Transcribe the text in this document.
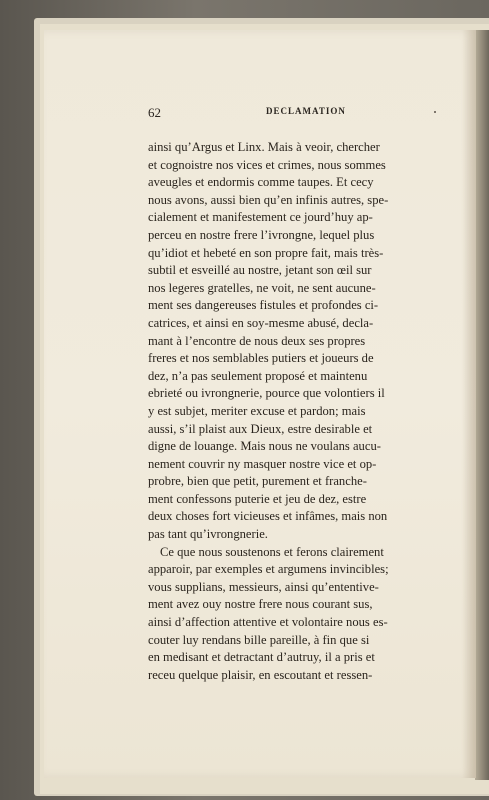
62	DECLAMATION
ainsi qu’Argus et Linx. Mais à veoir, chercher
et cognoistre nos vices et crimes, nous sommes
aveugles et endormis comme taupes. Et cecy
nous avons, aussi bien qu’en infinis autres, spe-
cialement et manifestement ce jourd’huy ap-
perceu en nostre frere l’ivrongne, lequel plus
qu’idiot et hebeté en son propre fait, mais très-
subtil et esveillé au nostre, jetant son œil sur
nos legeres gratelles, ne voit, ne sent aucune-
ment ses dangereuses fistules et profondes ci-
catrices, et ainsi en soy-mesme abusé, decla-
mant à l’encontre de nous deux ses propres
freres et nos semblables putiers et joueurs de
dez, n’a pas seulement proposé et maintenu
ebrieté ou ivrongnerie, pource que volontiers il
y est subjet, meriter excuse et pardon; mais
aussi, s’il plaist aux Dieux, estre desirable et
digne de louange. Mais nous ne voulans aucu-
nement couvrir ny masquer nostre vice et op-
probre, bien que petit, purement et franche-
ment confessons puterie et jeu de dez, estre
deux choses fort vicieuses et infâmes, mais non
pas tant qu’ivrongnerie.
Ce que nous soustenons et ferons clairement
apparoir, par exemples et argumens invincibles;
vous supplians, messieurs, ainsi qu’ententive-
ment avez ouy nostre frere nous courant sus,
ainsi d’affection attentive et volontaire nous es-
couter luy rendans bille pareille, à fin que si
en medisant et detractant d’autruy, il a pris et
receu quelque plaisir, en escoutant et ressen-
